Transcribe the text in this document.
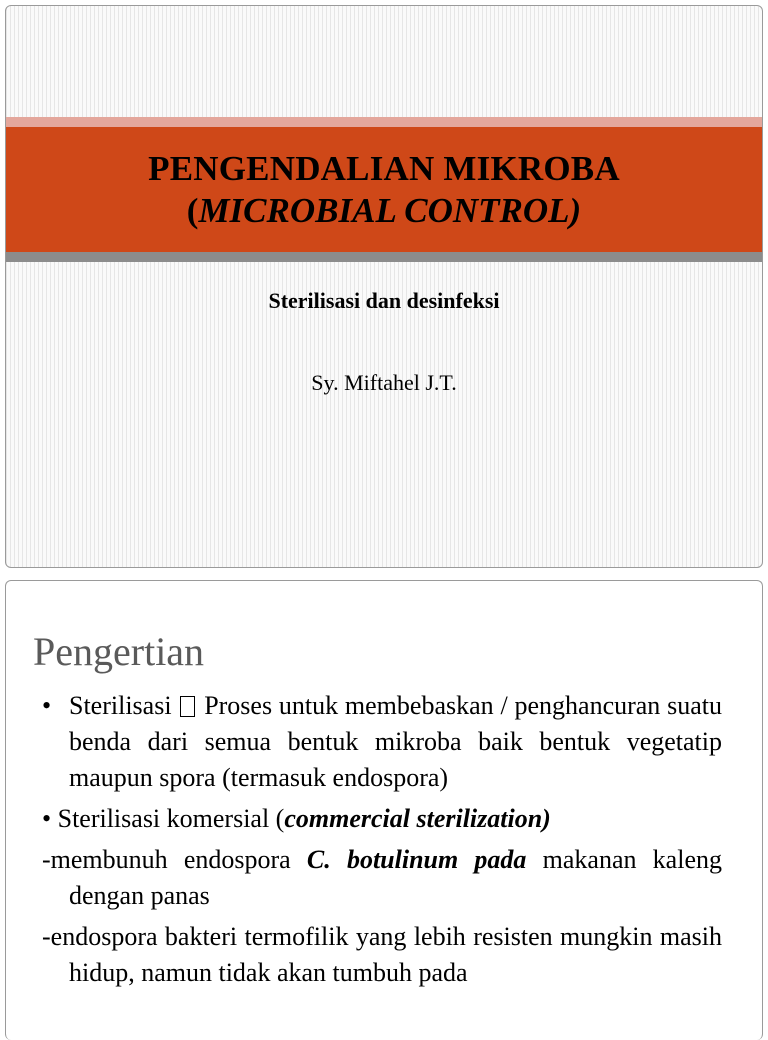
PENGENDALIAN MIKROBA
(MICROBIAL CONTROL)
Sterilisasi dan desinfeksi
Sy. Miftahel J.T.
Pengertian
• Sterilisasi Proses untuk membebaskan / penghancuran suatu benda dari semua bentuk mikroba baik bentuk vegetatip maupun spora (termasuk endospora)
• Sterilisasi komersial (commercial sterilization)
-membunuh endospora C. botulinum pada makanan kaleng dengan panas
-endospora bakteri termofilik yang lebih resisten mungkin masih hidup, namun tidak akan tumbuh pada
